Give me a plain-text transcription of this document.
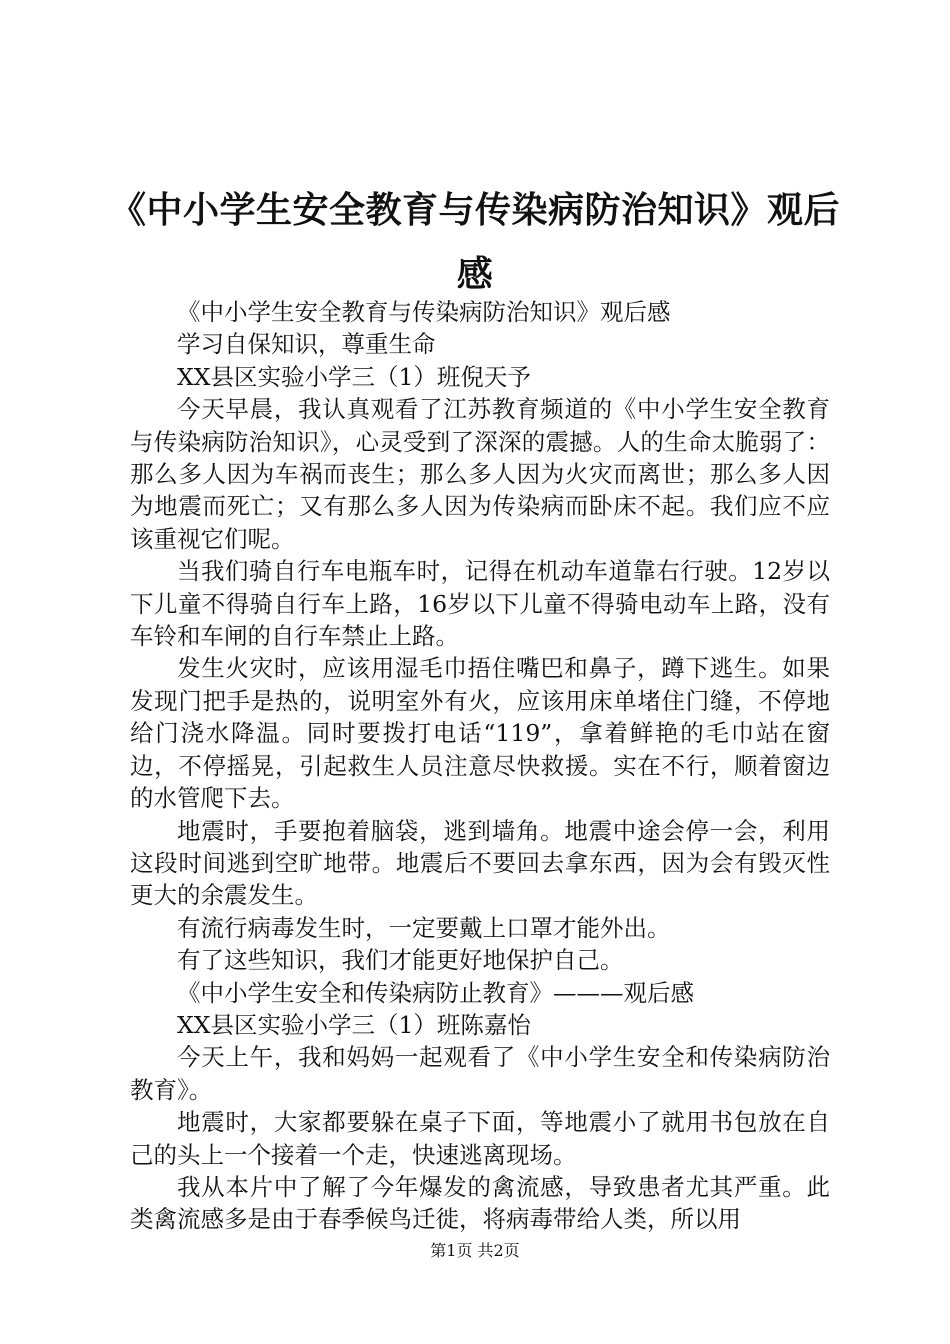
《中小学生安全教育与传染病防治知识》观后感

《中小学生安全教育与传染病防治知识》观后感

学习自保知识，尊重生命

XX县区实验小学三（1）班倪天予

今天早晨，我认真观看了江苏教育频道的《中小学生安全教育与传染病防治知识》，心灵受到了深深的震撼。人的生命太脆弱了：那么多人因为车祸而丧生；那么多人因为火灾而离世；那么多人因为地震而死亡；又有那么多人因为传染病而卧床不起。我们应不应该重视它们呢。

当我们骑自行车电瓶车时，记得在机动车道靠右行驶。12岁以下儿童不得骑自行车上路，16岁以下儿童不得骑电动车上路，没有车铃和车闸的自行车禁止上路。

发生火灾时，应该用湿毛巾捂住嘴巴和鼻子，蹲下逃生。如果发现门把手是热的，说明室外有火，应该用床单堵住门缝，不停地给门浇水降温。同时要拨打电话“119”，拿着鲜艳的毛巾站在窗边，不停摇晃，引起救生人员注意尽快救援。实在不行，顺着窗边的水管爬下去。

地震时，手要抱着脑袋，逃到墙角。地震中途会停一会，利用这段时间逃到空旷地带。地震后不要回去拿东西，因为会有毁灭性更大的余震发生。

有流行病毒发生时，一定要戴上口罩才能外出。

有了这些知识，我们才能更好地保护自己。

《中小学生安全和传染病防止教育》———观后感

XX县区实验小学三（1）班陈嘉怡

今天上午，我和妈妈一起观看了《中小学生安全和传染病防治教育》。

地震时，大家都要躲在桌子下面，等地震小了就用书包放在自己的头上一个接着一个走，快速逃离现场。

我从本片中了解了今年爆发的禽流感，导致患者尤其严重。此类禽流感多是由于春季候鸟迁徙，将病毒带给人类，所以用

第1页 共2页
